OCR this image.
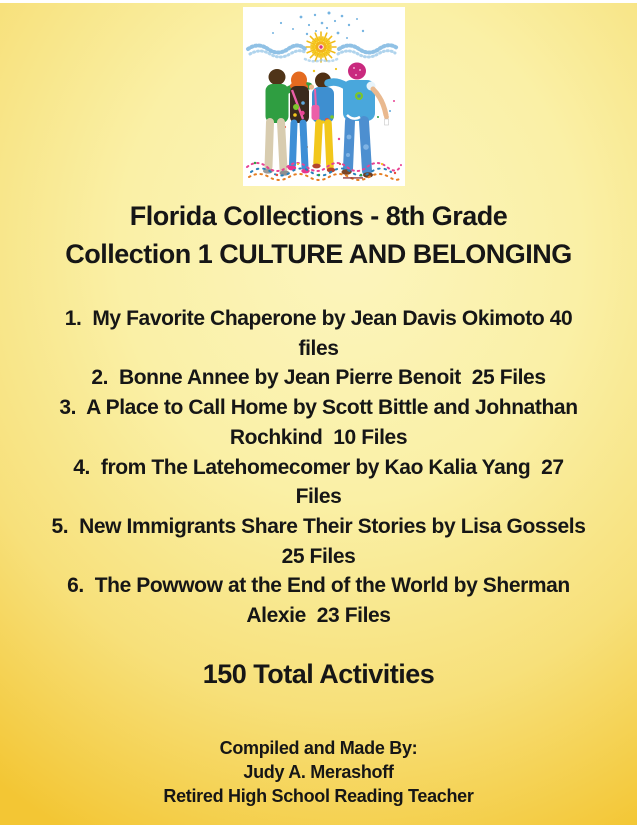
Florida Collections - 8th Grade
Collection 1 CULTURE AND BELONGING
1.  My Favorite Chaperone by Jean Davis Okimoto 40
files
2.  Bonne Annee by Jean Pierre Benoit  25 Files
3.  A Place to Call Home by Scott Bittle and Johnathan
Rochkind  10 Files
4.  from The Latehomecomer by Kao Kalia Yang  27
Files
5.  New Immigrants Share Their Stories by Lisa Gossels
25 Files
6.  The Powwow at the End of the World by Sherman
Alexie  23 Files
150 Total Activities
Compiled and Made By:
Judy A. Merashoff
Retired High School Reading Teacher
